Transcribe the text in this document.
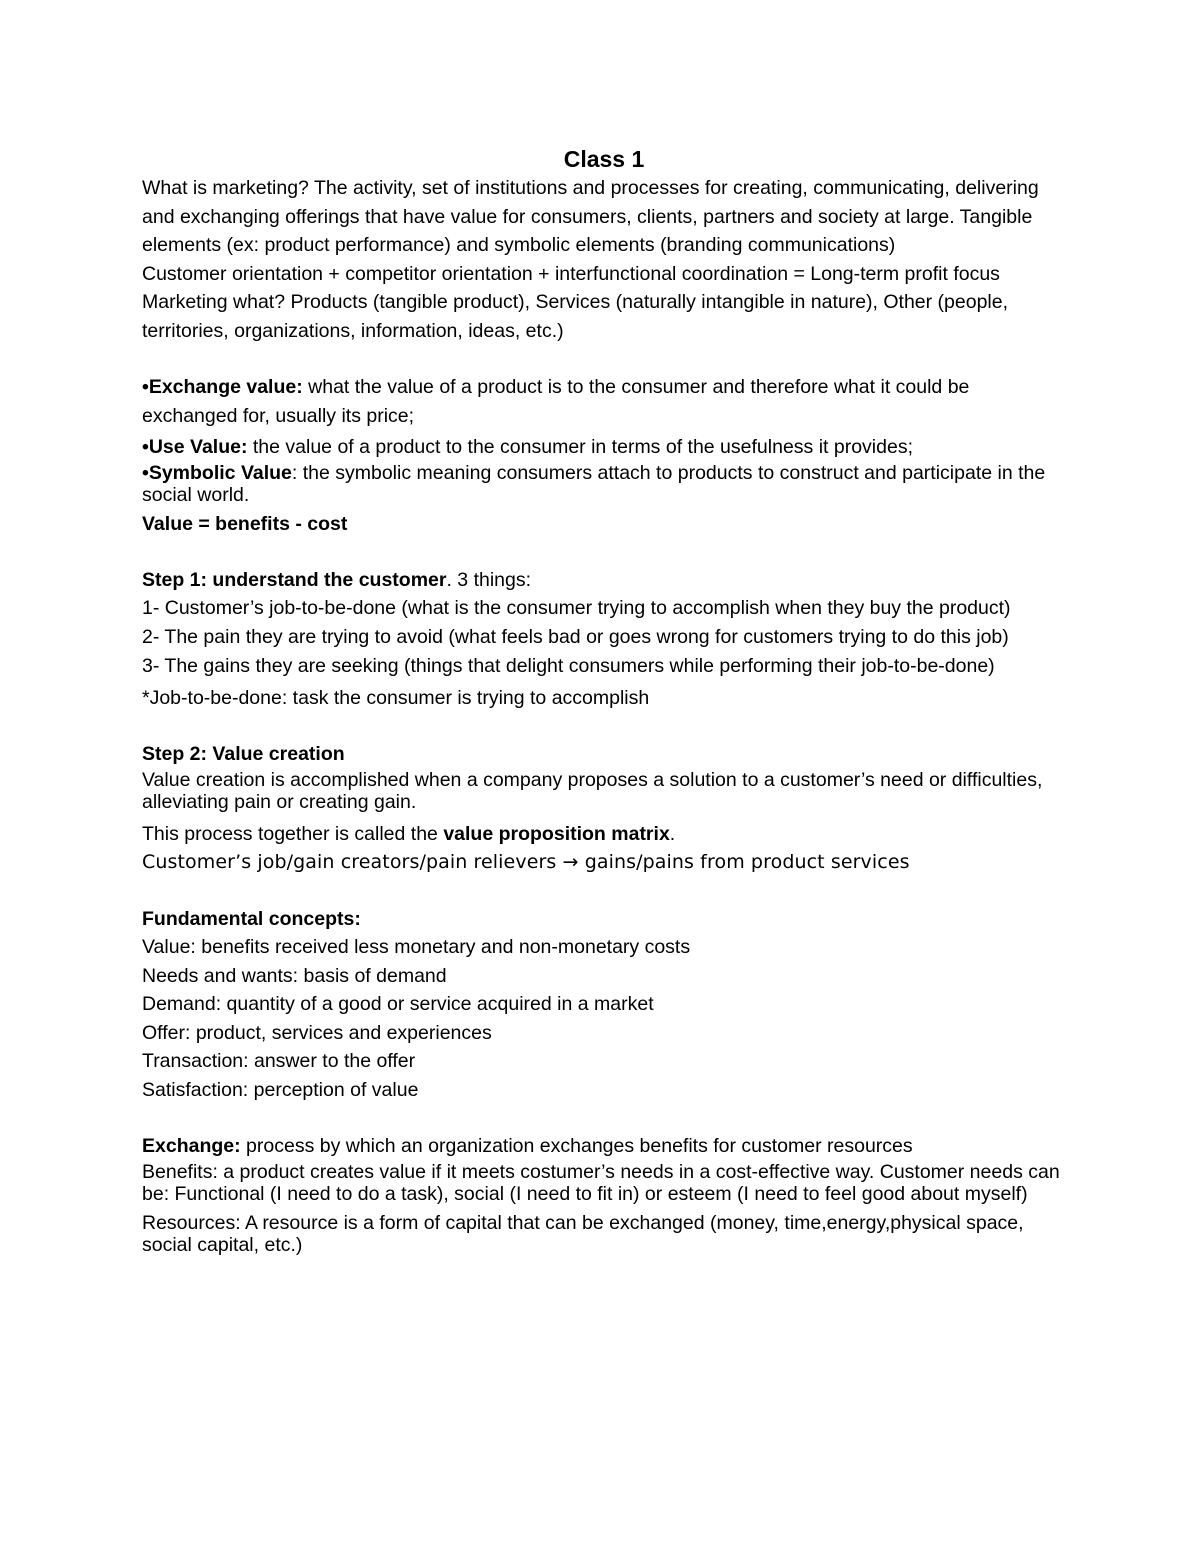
Class 1

What is marketing? The activity, set of institutions and processes for creating, communicating, delivering and exchanging offerings that have value for consumers, clients, partners and society at large. Tangible elements (ex: product performance) and symbolic elements (branding communications)

Customer orientation + competitor orientation + interfunctional coordination = Long-term profit focus

Marketing what? Products (tangible product), Services (naturally intangible in nature), Other (people, territories, organizations, information, ideas, etc.)

•Exchange value: what the value of a product is to the consumer and therefore what it could be exchanged for, usually its price;

•Use Value: the value of a product to the consumer in terms of the usefulness it provides;

•Symbolic Value: the symbolic meaning consumers attach to products to construct and participate in the social world.

Value = benefits - cost

Step 1: understand the customer. 3 things:

1- Customer’s job-to-be-done (what is the consumer trying to accomplish when they buy the product)

2- The pain they are trying to avoid (what feels bad or goes wrong for customers trying to do this job)

3- The gains they are seeking (things that delight consumers while performing their job-to-be-done)

*Job-to-be-done: task the consumer is trying to accomplish

Step 2: Value creation

Value creation is accomplished when a company proposes a solution to a customer’s need or difficulties, alleviating pain or creating gain.

This process together is called the value proposition matrix.

Customer’s job/gain creators/pain relievers → gains/pains from product services

Fundamental concepts:

Value: benefits received less monetary and non-monetary costs

Needs and wants: basis of demand

Demand: quantity of a good or service acquired in a market

Offer: product, services and experiences

Transaction: answer to the offer

Satisfaction: perception of value

Exchange: process by which an organization exchanges benefits for customer resources

Benefits: a product creates value if it meets costumer’s needs in a cost-effective way. Customer needs can be: Functional (I need to do a task), social (I need to fit in) or esteem (I need to feel good about myself)

Resources: A resource is a form of capital that can be exchanged (money, time,energy,physical space, social capital, etc.)
